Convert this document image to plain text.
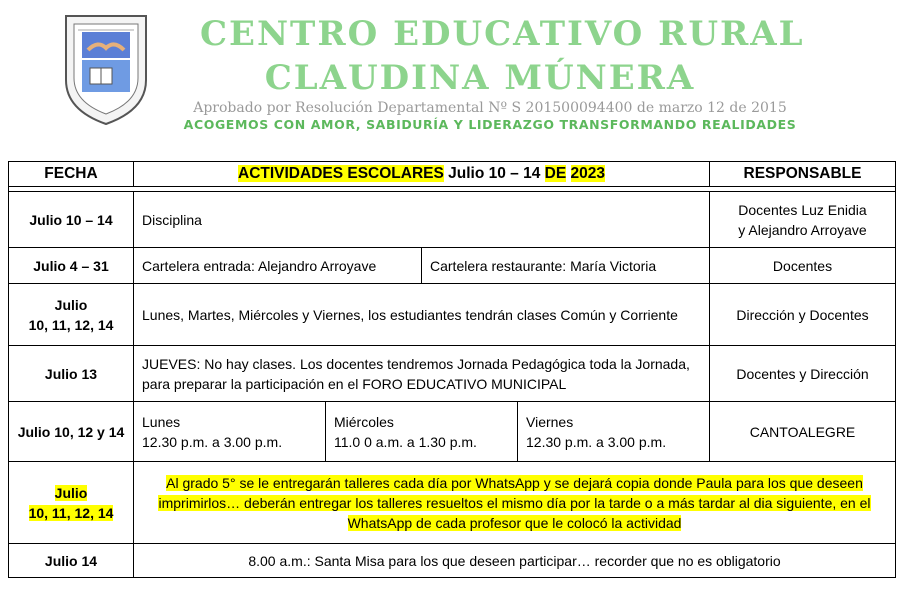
CENTRO EDUCATIVO RURAL
CLAUDINA MÚNERA
Aprobado por Resolución Departamental Nº S 201500094400 de marzo 12 de 2015
ACOGEMOS CON AMOR, SABIDURÍA Y LIDERAZGO TRANSFORMANDO REALIDADES
FECHA	ACTIVIDADES ESCOLARES Julio 10 – 14 DE 2023				RESPONSABLE

Julio 10 – 14	Disciplina				Docentes Luz Enidia
y Alejandro Arroyave

Julio 4 – 31	Cartelera entrada: Alejandro Arroyave		Cartelera restaurante: María Victoria		Docentes

Julio
10, 11, 12, 14	Lunes, Martes, Miércoles y Viernes, los estudiantes tendrán clases Común y Corriente				Dirección y Docentes
Julio 13	JUEVES: No hay clases. Los docentes tendremos Jornada Pedagógica toda la Jornada, para preparar la participación en el FORO EDUCATIVO MUNICIPAL				Docentes y Dirección
Julio 10, 12 y 14	Lunes
12.30 p.m. a 3.00 p.m.	Miércoles
11.0 0 a.m. a 1.30 p.m.		Viernes
12.30 p.m. a 3.00 p.m.	CANTOALEGRE

Julio
10, 11, 12, 14	Al grado 5° se le entregarán talleres cada día por WhatsApp y se dejará copia donde Paula para los que deseen imprimirlos… deberán entregar los talleres resueltos el mismo día por la tarde o a más tardar al dia siguiente, en el WhatsApp de cada profesor que le colocó la actividad				
Julio 14	8.00 a.m.: Santa Misa para los que deseen participar… recorder que no es obligatorio				
